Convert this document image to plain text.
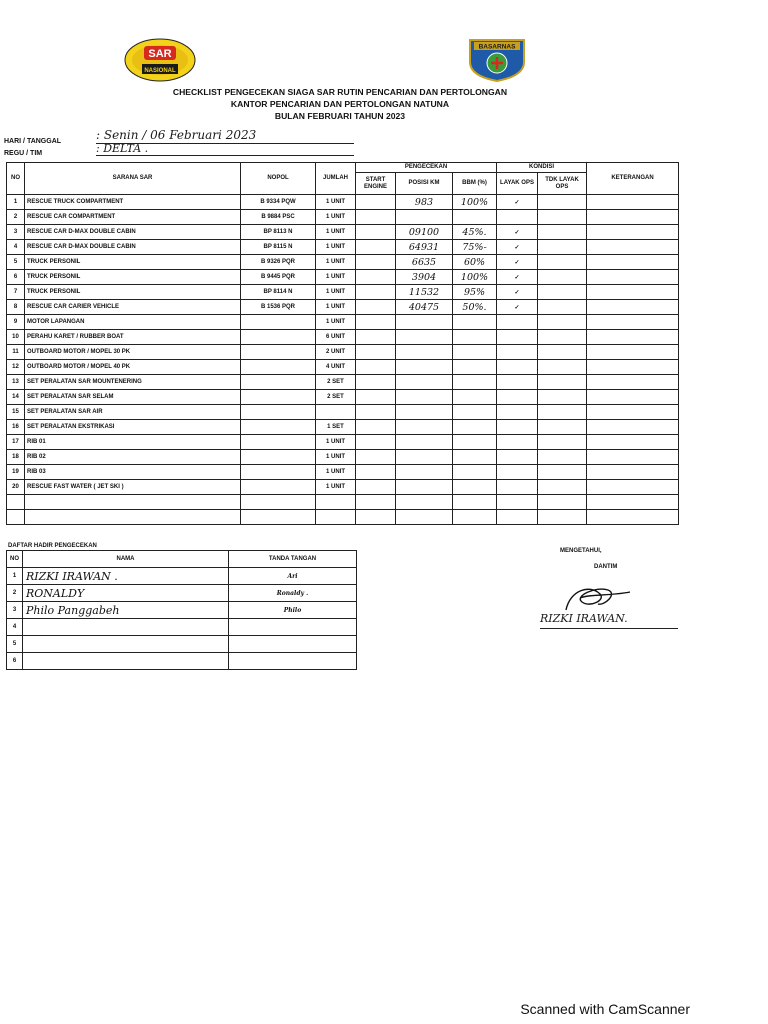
SAR
NASIONAL
BASARNAS
CHECKLIST PENGECEKAN SIAGA SAR RUTIN PENCARIAN DAN PERTOLONGAN
KANTOR PENCARIAN DAN PERTOLONGAN NATUNA
BULAN FEBRUARI TAHUN 2023
HARI / TANGGAL	: Senin / 06 Februari 2023
REGU / TIM	: DELTA .
NO	SARANA SAR	NOPOL	JUMLAH	PENGECEKAN			KONDISI		KETERANGAN
				START ENGINE	POSISI KM	BBM (%)	LAYAK OPS	TDK LAYAK OPS	
1	RESCUE TRUCK COMPARTMENT	B 9334 PQW	1 UNIT		983	100%	✓		
2	RESCUE CAR COMPARTMENT	B 9884 PSC	1 UNIT						
3	RESCUE CAR D-MAX DOUBLE CABIN	BP 8113 N	1 UNIT		09100	45%.	✓		
4	RESCUE CAR D-MAX DOUBLE CABIN	BP 8115 N	1 UNIT		64931	75%-	✓		
5	TRUCK PERSONIL	B 9326 PQR	1 UNIT		6635	60%	✓		
6	TRUCK PERSONIL	B 9445 PQR	1 UNIT		3904	100%	✓		
7	TRUCK PERSONIL	BP 8114 N	1 UNIT		11532	95%	✓		
8	RESCUE CAR CARIER VEHICLE	B 1536 PQR	1 UNIT		40475	50%.	✓		
9	MOTOR LAPANGAN		1 UNIT						
10	PERAHU KARET / RUBBER BOAT		6 UNIT						
11	OUTBOARD MOTOR / MOPEL 30 PK		2 UNIT						
12	OUTBOARD MOTOR / MOPEL 40 PK		4 UNIT						
13	SET PERALATAN SAR MOUNTENERING		2 SET						
14	SET PERALATAN SAR SELAM		2 SET						
15	SET PERALATAN SAR AIR								
16	SET PERALATAN EKSTRIKASI		1 SET						
17	RIB 01		1 UNIT						
18	RIB 02		1 UNIT						
19	RIB 03		1 UNIT						
20	RESCUE FAST WATER ( JET SKI )		1 UNIT						

DAFTAR HADIR PENGECEKAN
NO	NAMA	TANDA TANGAN
1	RIZKI IRAWAN .	Ari
2	RONALDY	Ronaldy .
3	Philo Panggabeh	Philo
4		
5		
6		
MENGETAHUI,
DANTIM
RIZKI IRAWAN.
Scanned with CamScanner
